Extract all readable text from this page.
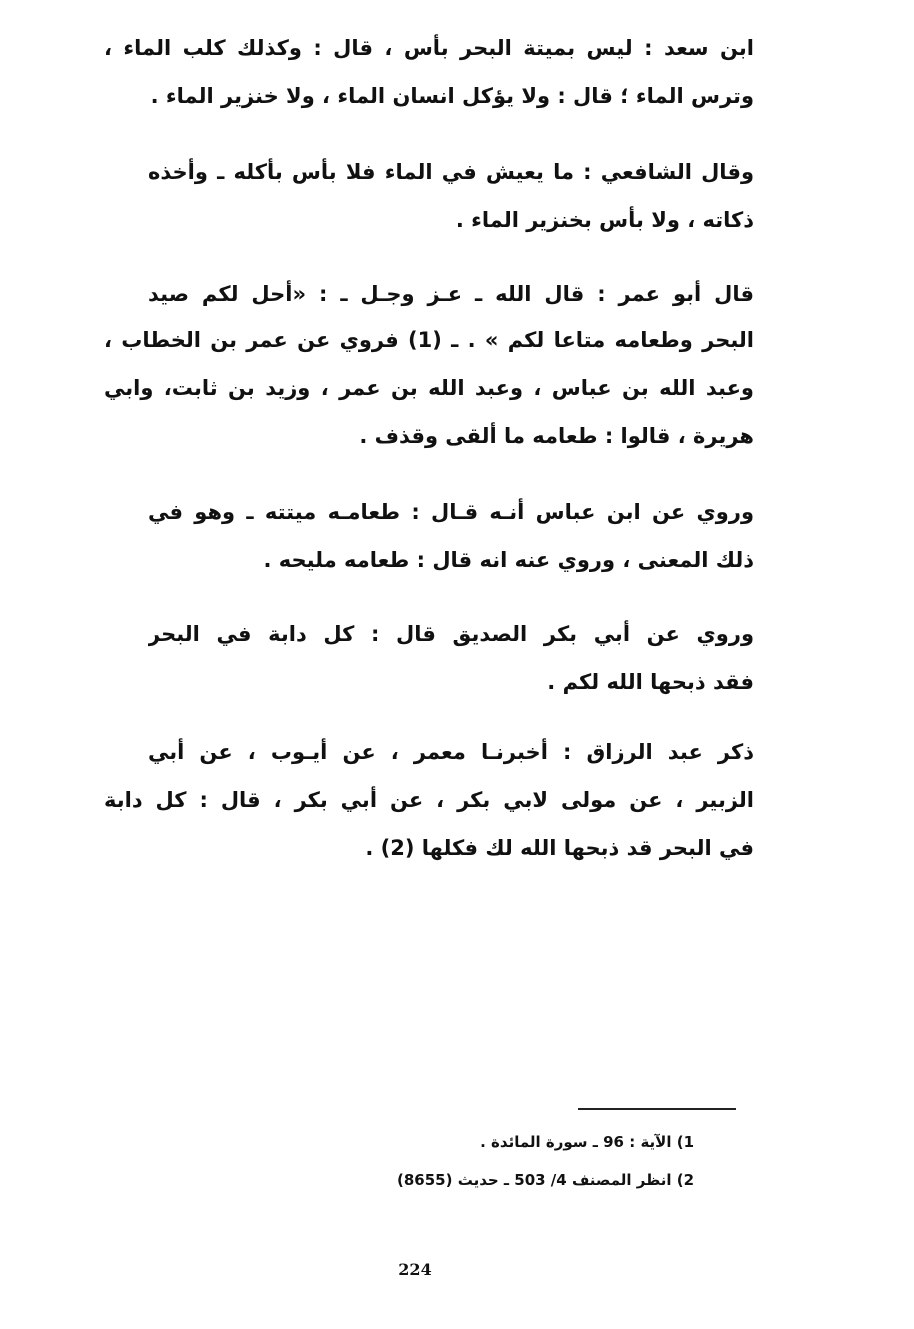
ابن سعد : ليس بميتة البحر بأس ، قال : وكذلك كلب الماء ،
وترس الماء ؛ قال : ولا يؤكل انسان الماء ، ولا خنزير الماء .
وقال الشافعي : ما يعيش في الماء فلا بأس بأكله ـ وأخذه
ذكاته ، ولا بأس بخنزير الماء .
قال أبو عمر : قال الله ـ عـز وجـل ـ : «أحل لكم صيد
البحر وطعامه متاعا لكم » . ـ (1) فروي عن عمر بن الخطاب ،
وعبد الله بن عباس ، وعبد الله بن عمر ، وزيد بن ثابت، وابي
هريرة ، قالوا : طعامه ما ألقى وقذف .
وروي عن ابن عباس أنـه قـال : طعامـه ميتته ـ وهو في
ذلك المعنى ، وروي عنه انه قال : طعامه مليحه .
وروي عن أبي بكر الصديق قال : كل دابة في البحر
فقد ذبحها الله لكم .
ذكر عبد الرزاق : أخبرنـا معمر ، عن أيـوب ، عن أبي
الزبير ، عن مولى لابي بكر ، عن أبي بكر ، قال : كل دابة
في البحر قد ذبحها الله لك فكلها (2) .
1) الآية : 96 ـ سورة المائدة .
2) انظر المصنف 4/ 503 ـ حديث (8655)
224
